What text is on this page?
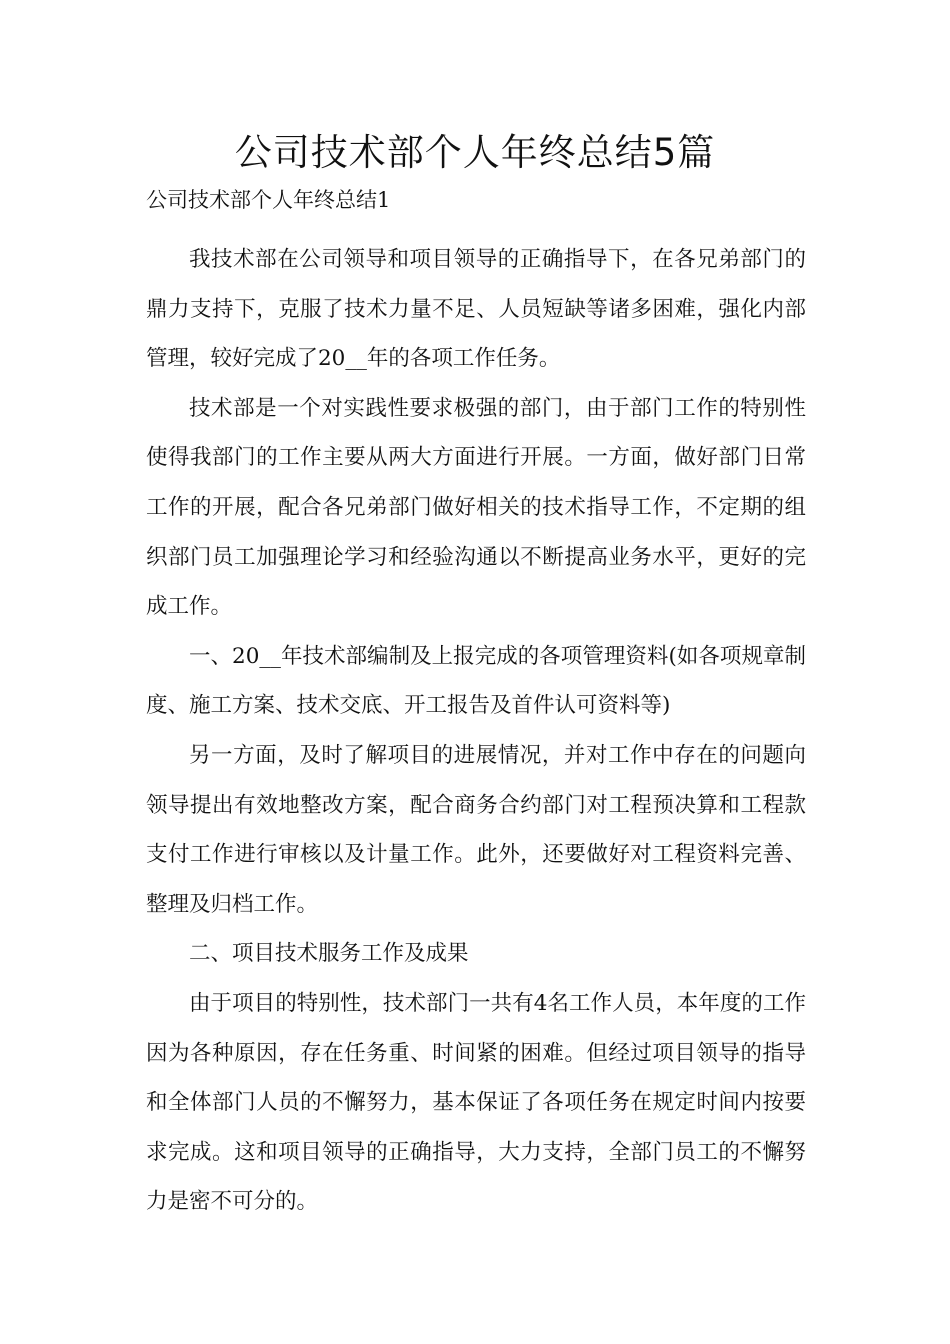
公司技术部个人年终总结5篇
公司技术部个人年终总结1

我技术部在公司领导和项目领导的正确指导下，在各兄弟部门的鼎力支持下，克服了技术力量不足、人员短缺等诸多困难，强化内部管理，较好完成了20__年的各项工作任务。

技术部是一个对实践性要求极强的部门，由于部门工作的特别性使得我部门的工作主要从两大方面进行开展。一方面，做好部门日常工作的开展，配合各兄弟部门做好相关的技术指导工作，不定期的组织部门员工加强理论学习和经验沟通以不断提高业务水平，更好的完成工作。

一、20__年技术部编制及上报完成的各项管理资料(如各项规章制度、施工方案、技术交底、开工报告及首件认可资料等)

另一方面，及时了解项目的进展情况，并对工作中存在的问题向领导提出有效地整改方案，配合商务合约部门对工程预决算和工程款支付工作进行审核以及计量工作。此外，还要做好对工程资料完善、整理及归档工作。

二、项目技术服务工作及成果

由于项目的特别性，技术部门一共有4名工作人员，本年度的工作因为各种原因，存在任务重、时间紧的困难。但经过项目领导的指导和全体部门人员的不懈努力，基本保证了各项任务在规定时间内按要求完成。这和项目领导的正确指导，大力支持，全部门员工的不懈努力是密不可分的。
